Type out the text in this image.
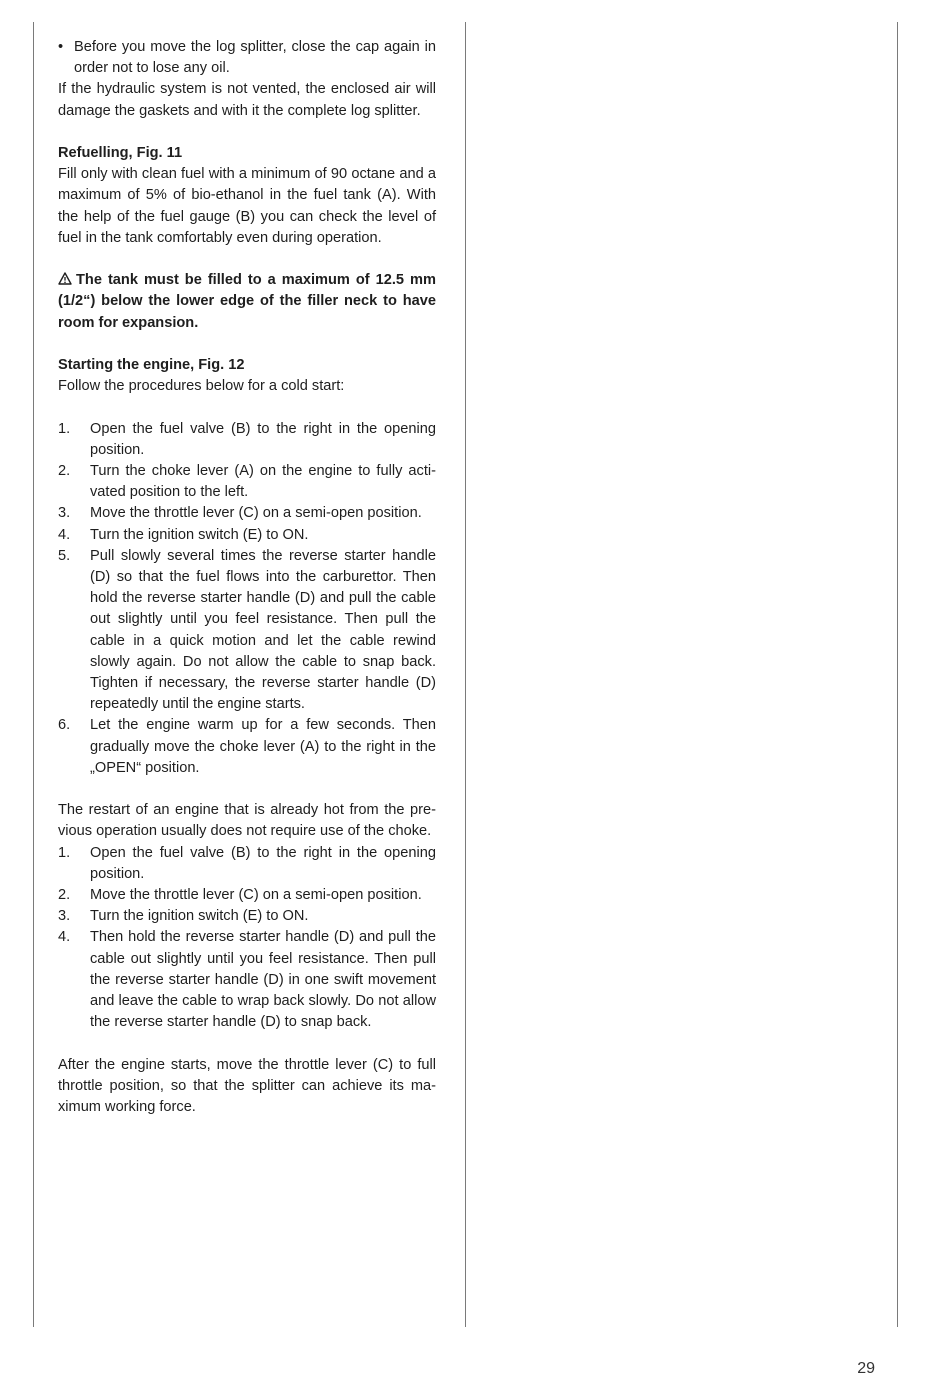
• Before you move the log splitter, close the cap again in order not to lose any oil.

If the hydraulic system is not vented, the enclosed air will damage the gaskets and with it the complete log splitter.

Refuelling, Fig. 11

Fill only with clean fuel with a minimum of 90 octane and a maximum of 5% of bio-ethanol in the fuel tank (A). With the help of the fuel gauge (B) you can check the level of fuel in the tank comfortably even during operation.

The tank must be filled to a maximum of 12.5 mm (1/2“) below the lower edge of the filler neck to have room for expansion.

Starting the engine, Fig. 12

Follow the procedures below for a cold start:

1.	Open the fuel valve (B) to the right in the opening position.
2.	Turn the choke lever (A) on the engine to fully activated position to the left.
3.	Move the throttle lever (C) on a semi-open position.
4.	Turn the ignition switch (E) to ON.
5.	Pull slowly several times the reverse starter handle (D) so that the fuel flows into the carburettor. Then hold the reverse starter handle (D) and pull the cable out slightly until you feel resistance. Then pull the cable in a quick motion and let the cable rewind slowly again. Do not allow the cable to snap back. Tighten if necessary, the reverse starter handle (D) repeatedly until the engine starts.
6.	Let the engine warm up for a few seconds. Then gradually move the choke lever (A) to the right in the „OPEN“ position.

The restart of an engine that is already hot from the previous operation usually does not require use of the choke.

1.	Open the fuel valve (B) to the right in the opening position.
2.	Move the throttle lever (C) on a semi-open position.
3.	Turn the ignition switch (E) to ON.
4.	Then hold the reverse starter handle (D) and pull the cable out slightly until you feel resistance. Then pull the reverse starter handle (D) in one swift movement and leave the cable to wrap back slowly. Do not allow the reverse starter handle (D) to snap back.

After the engine starts, move the throttle lever (C) to full throttle position, so that the splitter can achieve its maximum working force.

29
